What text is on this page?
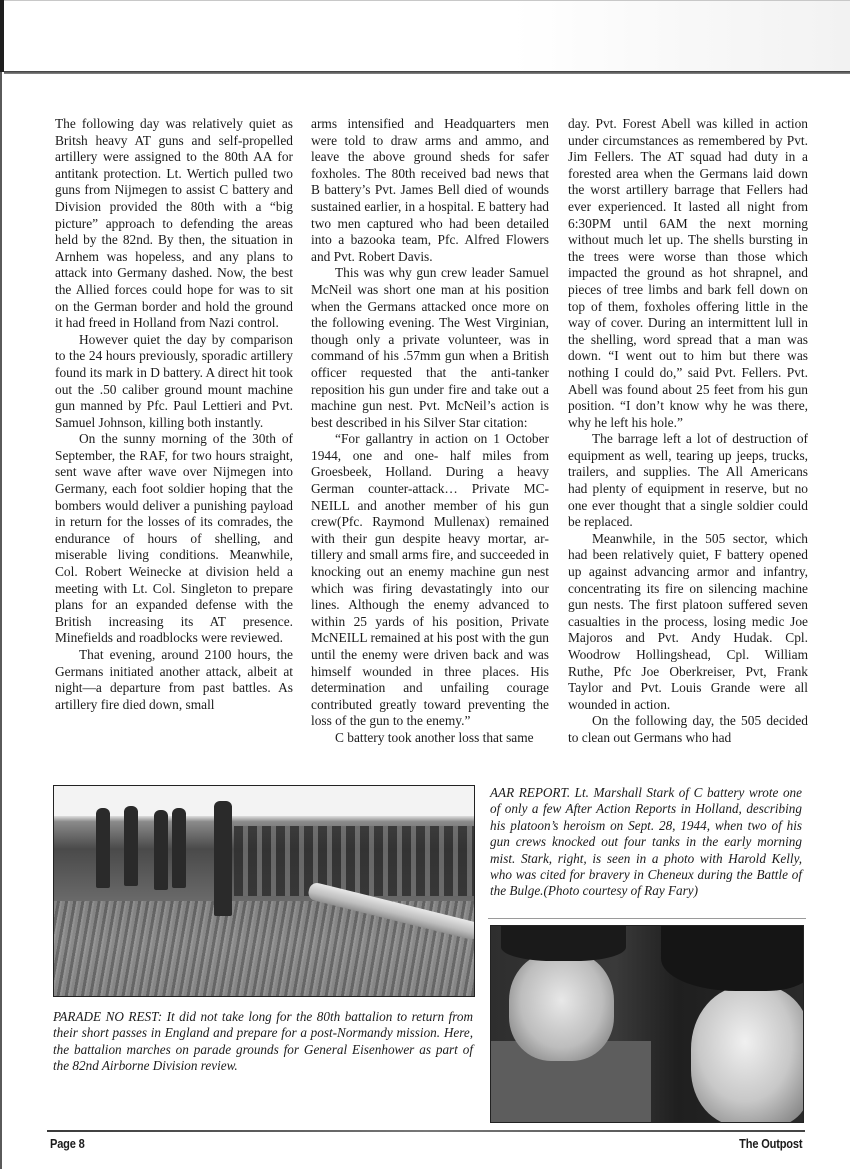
The following day was relatively quiet as Britsh heavy AT guns and self-propelled artillery were assigned to the 80th AA for antitank protection. Lt. Wertich pulled two guns from Nijmegen to assist C battery and Division provided the 80th with a “big picture” approach to defending the areas held by the 82nd. By then, the situation in Arnhem was hopeless, and any plans to attack into Germany dashed. Now, the best the Allied forces could hope for was to sit on the German border and hold the ground it had freed in Holland from Nazi control.

However quiet the day by comparison to the 24 hours previously, sporadic artillery found its mark in D battery. A direct hit took out the .50 caliber ground mount machine gun manned by Pfc. Paul Lettieri and Pvt. Samuel Johnson, killing both instantly.

On the sunny morning of the 30th of September, the RAF, for two hours straight, sent wave after wave over Nijmegen into Germany, each foot soldier hoping that the bombers would deliver a punishing payload in return for the losses of its comrades, the endurance of hours of shelling, and miserable living conditions. Meanwhile, Col. Robert Weinecke at division held a meeting with Lt. Col. Singleton to prepare plans for an expanded defense with the British increasing its AT presence. Minefields and roadblocks were reviewed.

That evening, around 2100 hours, the Germans initiated another attack, albeit at night—a departure from past battles. As artillery fire died down, small

arms intensified and Headquarters men were told to draw arms and ammo, and leave the above ground sheds for safer foxholes. The 80th received bad news that B battery’s Pvt. James Bell died of wounds sustained earlier, in a hospital. E battery had two men captured who had been detailed into a bazooka team, Pfc. Alfred Flowers and Pvt. Robert Davis.

This was why gun crew leader Samuel McNeil was short one man at his position when the Germans attacked once more on the following evening. The West Virginian, though only a private volunteer, was in command of his .57mm gun when a British officer requested that the anti-tanker reposition his gun under fire and take out a machine gun nest. Pvt. McNeil’s action is best described in his Silver Star citation:

“For gallantry in action on 1 October 1944, one and one- half miles from Groesbeek, Holland. During a heavy German counter-attack… Private MCNEILL and another member of his gun crew(Pfc. Raymond Mullenax) remained with their gun despite heavy mortar, artillery and small arms fire, and succeeded in knocking out an enemy machine gun nest which was firing devastatingly into our lines. Although the enemy advanced to within 25 yards of his position, Private McNEILL remained at his post with the gun until the enemy were driven back and was himself wounded in three places. His determination and unfailing courage contributed greatly toward preventing the loss of the gun to the enemy.”

C battery took another loss that same

day. Pvt. Forest Abell was killed in action under circumstances as remembered by Pvt. Jim Fellers. The AT squad had duty in a forested area when the Germans laid down the worst artillery barrage that Fellers had ever experienced. It lasted all night from 6:30PM until 6AM the next morning without much let up. The shells bursting in the trees were worse than those which impacted the ground as hot shrapnel, and pieces of tree limbs and bark fell down on top of them, foxholes offering little in the way of cover. During an intermittent lull in the shelling, word spread that a man was down. “I went out to him but there was nothing I could do,” said Pvt. Fellers. Pvt. Abell was found about 25 feet from his gun position. “I don’t know why he was there, why he left his hole.”

The barrage left a lot of destruction of equipment as well, tearing up jeeps, trucks, trailers, and supplies. The All Americans had plenty of equipment in reserve, but no one ever thought that a single soldier could be replaced.

Meanwhile, in the 505 sector, which had been relatively quiet, F battery opened up against advancing armor and infantry, concentrating its fire on silencing machine gun nests. The first platoon suffered seven casualties in the process, losing medic Joe Majoros and Pvt. Andy Hudak. Cpl. Woodrow Hollingshead, Cpl. William Ruthe, Pfc Joe Oberkreiser, Pvt, Frank Taylor and Pvt. Louis Grande were all wounded in action.

On the following day, the 505 decided to clean out Germans who had

PARADE NO REST: It did not take long for the 80th battalion to return from their short passes in England and prepare for a post-Normandy mission. Here, the battalion marches on parade grounds for General Eisenhower as part of the 82nd Airborne Division review.
AAR REPORT. Lt. Marshall Stark of C battery wrote one of only a few After Action Reports in Holland, describing his platoon’s heroism on Sept. 28, 1944, when two of his gun crews knocked out four tanks in the early morning mist. Stark, right, is seen in a photo with Harold Kelly, who was cited for bravery in Cheneux during the Battle of the Bulge.(Photo courtesy of Ray Fary)
Page 8	The Outpost
